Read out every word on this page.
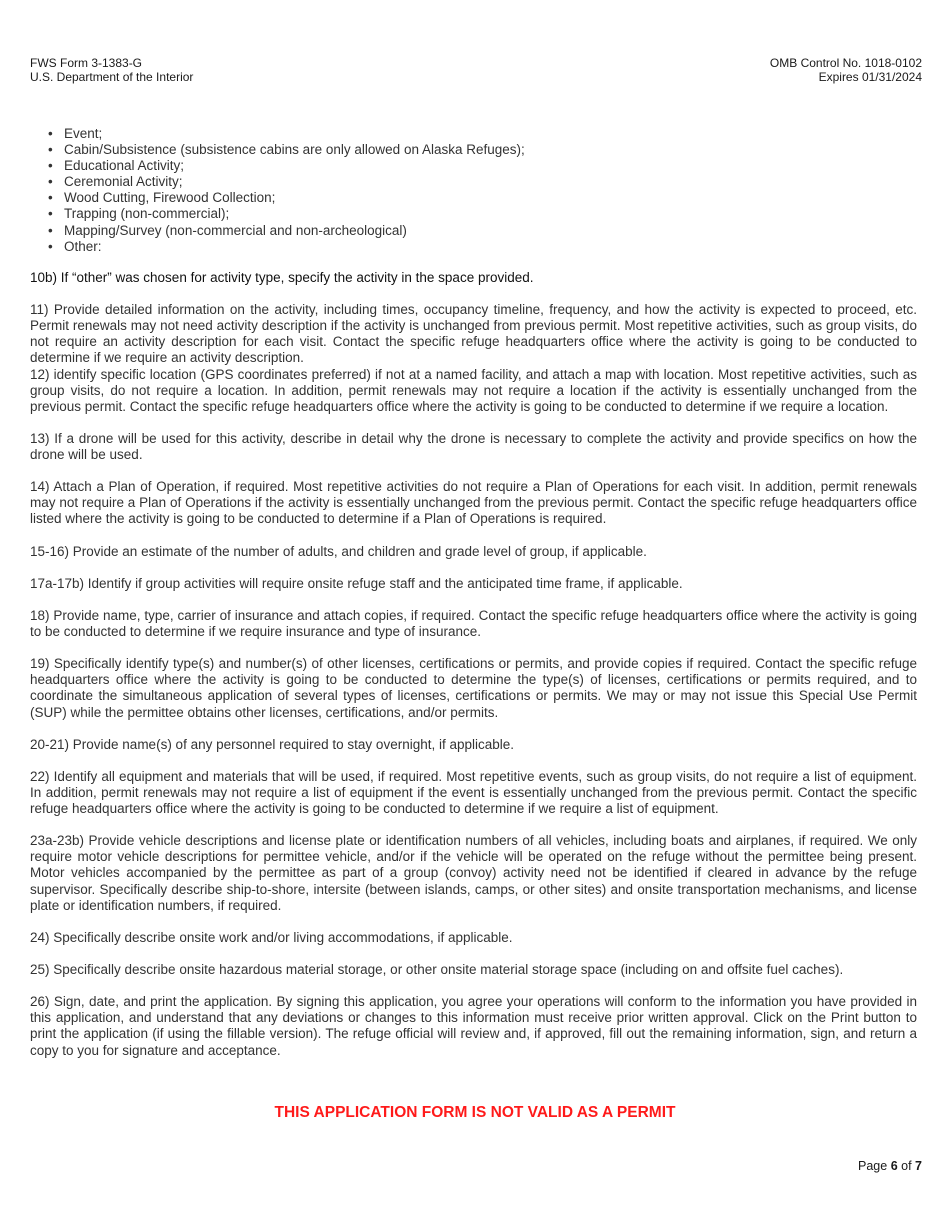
FWS Form 3-1383-G
U.S. Department of the Interior
OMB Control No. 1018-0102
Expires 01/31/2024
• Event;
• Cabin/Subsistence (subsistence cabins are only allowed on Alaska Refuges);
• Educational Activity;
• Ceremonial Activity;
• Wood Cutting, Firewood Collection;
• Trapping (non-commercial);
• Mapping/Survey (non-commercial and non-archeological)
• Other:

10b) If “other” was chosen for activity type, specify the activity in the space provided.

11) Provide detailed information on the activity, including times, occupancy timeline, frequency, and how the activity is expected to proceed, etc. Permit renewals may not need activity description if the activity is unchanged from previous permit. Most repetitive activities, such as group visits, do not require an activity description for each visit. Contact the specific refuge headquarters office where the activity is going to be conducted to determine if we require an activity description.

12) identify specific location (GPS coordinates preferred) if not at a named facility, and attach a map with location. Most repetitive activities, such as group visits, do not require a location. In addition, permit renewals may not require a location if the activity is essentially unchanged from the previous permit. Contact the specific refuge headquarters office where the activity is going to be conducted to determine if we require a location.

13) If a drone will be used for this activity, describe in detail why the drone is necessary to complete the activity and provide specifics on how the drone will be used.

14) Attach a Plan of Operation, if required. Most repetitive activities do not require a Plan of Operations for each visit. In addition, permit renewals may not require a Plan of Operations if the activity is essentially unchanged from the previous permit. Contact the specific refuge headquarters office listed where the activity is going to be conducted to determine if a Plan of Operations is required.

15-16) Provide an estimate of the number of adults, and children and grade level of group, if applicable.

17a-17b) Identify if group activities will require onsite refuge staff and the anticipated time frame, if applicable.

18) Provide name, type, carrier of insurance and attach copies, if required. Contact the specific refuge headquarters office where the activity is going to be conducted to determine if we require insurance and type of insurance.

19) Specifically identify type(s) and number(s) of other licenses, certifications or permits, and provide copies if required. Contact the specific refuge headquarters office where the activity is going to be conducted to determine the type(s) of licenses, certifications or permits required, and to coordinate the simultaneous application of several types of licenses, certifications or permits. We may or may not issue this Special Use Permit (SUP) while the permittee obtains other licenses, certifications, and/or permits.

20-21) Provide name(s) of any personnel required to stay overnight, if applicable.

22) Identify all equipment and materials that will be used, if required. Most repetitive events, such as group visits, do not require a list of equipment. In addition, permit renewals may not require a list of equipment if the event is essentially unchanged from the previous permit. Contact the specific refuge headquarters office where the activity is going to be conducted to determine if we require a list of equipment.

23a-23b) Provide vehicle descriptions and license plate or identification numbers of all vehicles, including boats and airplanes, if required. We only require motor vehicle descriptions for permittee vehicle, and/or if the vehicle will be operated on the refuge without the permittee being present. Motor vehicles accompanied by the permittee as part of a group (convoy) activity need not be identified if cleared in advance by the refuge supervisor. Specifically describe ship-to-shore, intersite (between islands, camps, or other sites) and onsite transportation mechanisms, and license plate or identification numbers, if required.

24) Specifically describe onsite work and/or living accommodations, if applicable.

25) Specifically describe onsite hazardous material storage, or other onsite material storage space (including on and offsite fuel caches).

26) Sign, date, and print the application. By signing this application, you agree your operations will conform to the information you have provided in this application, and understand that any deviations or changes to this information must receive prior written approval. Click on the Print button to print the application (if using the fillable version). The refuge official will review and, if approved, fill out the remaining information, sign, and return a copy to you for signature and acceptance.

THIS APPLICATION FORM IS NOT VALID AS A PERMIT
Page 6 of 7
